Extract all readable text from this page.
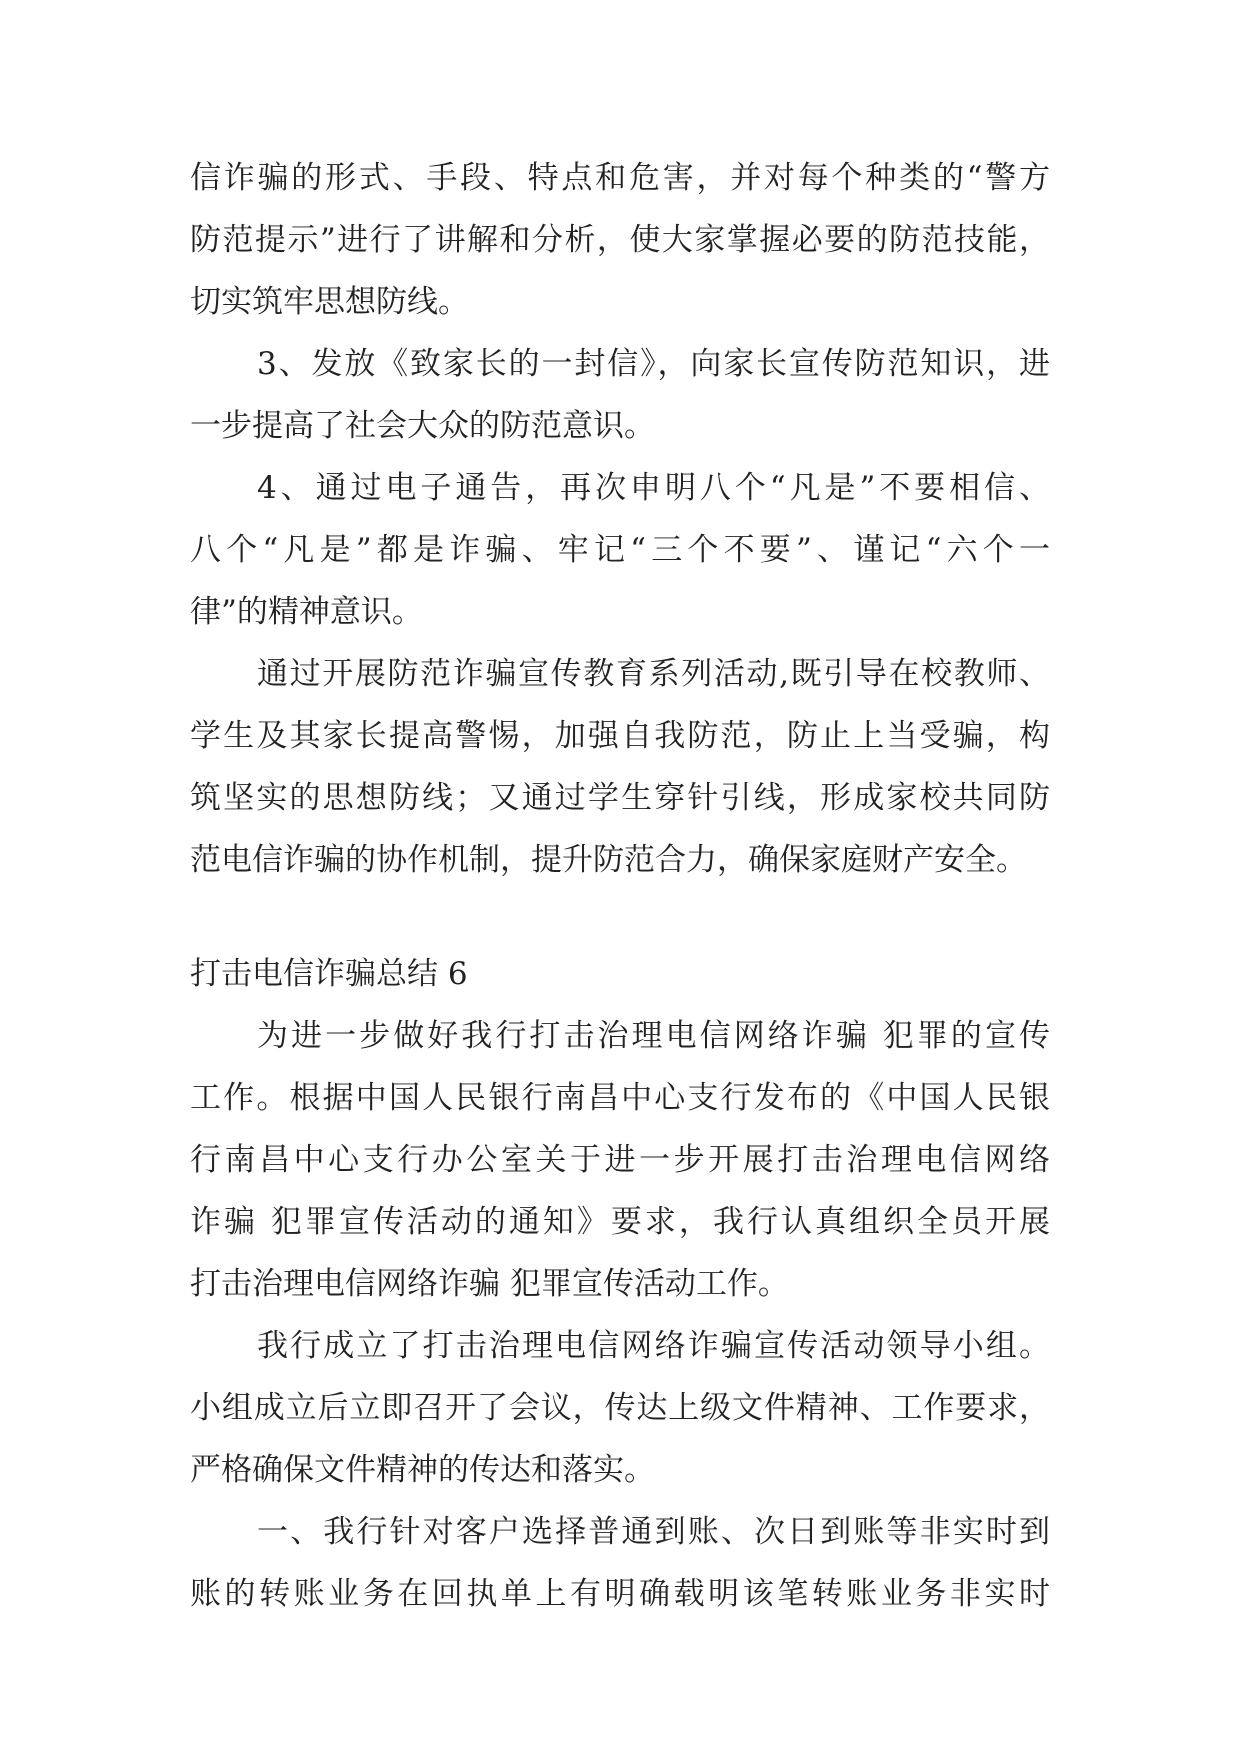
信诈骗的形式、手段、特点和危害，并对每个种类的“警方
防范提示”进行了讲解和分析，使大家掌握必要的防范技能，
切实筑牢思想防线。
3、发放《致家长的一封信》，向家长宣传防范知识，进
一步提高了社会大众的防范意识。
4、通过电子通告，再次申明八个“凡是”不要相信、
八个“凡是”都是诈骗、牢记“三个不要”、谨记“六个一
律”的精神意识。
通过开展防范诈骗宣传教育系列活动,既引导在校教师、
学生及其家长提高警惕，加强自我防范，防止上当受骗，构
筑坚实的思想防线；又通过学生穿针引线，形成家校共同防
范电信诈骗的协作机制，提升防范合力，确保家庭财产安全。
打击电信诈骗总结 6
为进一步做好我行打击治理电信网络诈骗 犯罪的宣传
工作。根据中国人民银行南昌中心支行发布的《中国人民银
行南昌中心支行办公室关于进一步开展打击治理电信网络
诈骗 犯罪宣传活动的通知》要求，我行认真组织全员开展
打击治理电信网络诈骗 犯罪宣传活动工作。
我行成立了打击治理电信网络诈骗宣传活动领导小组。
小组成立后立即召开了会议，传达上级文件精神、工作要求，
严格确保文件精神的传达和落实。
一、我行针对客户选择普通到账、次日到账等非实时到
账的转账业务在回执单上有明确载明该笔转账业务非实时
